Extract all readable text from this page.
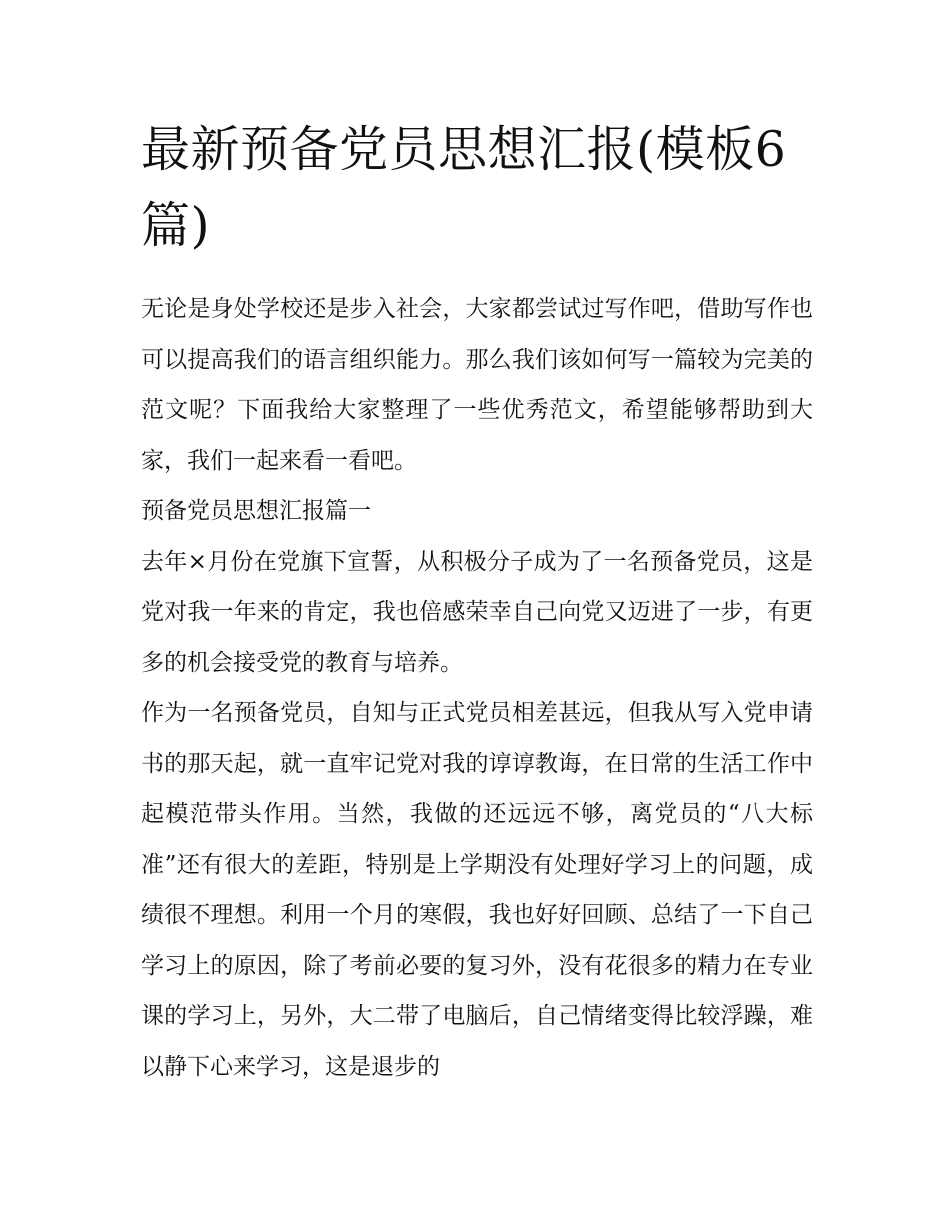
最新预备党员思想汇报(模板6篇)

无论是身处学校还是步入社会，大家都尝试过写作吧，借助写作也可以提高我们的语言组织能力。那么我们该如何写一篇较为完美的范文呢？下面我给大家整理了一些优秀范文，希望能够帮助到大家，我们一起来看一看吧。

预备党员思想汇报篇一

去年×月份在党旗下宣誓，从积极分子成为了一名预备党员，这是党对我一年来的肯定，我也倍感荣幸自己向党又迈进了一步，有更多的机会接受党的教育与培养。

作为一名预备党员，自知与正式党员相差甚远，但我从写入党申请书的那天起，就一直牢记党对我的谆谆教诲，在日常的生活工作中起模范带头作用。当然，我做的还远远不够，离党员的“八大标准”还有很大的差距，特别是上学期没有处理好学习上的问题，成绩很不理想。利用一个月的寒假，我也好好回顾、总结了一下自己学习上的原因，除了考前必要的复习外，没有花很多的精力在专业课的学习上，另外，大二带了电脑后，自己情绪变得比较浮躁，难以静下心来学习，这是退步的
